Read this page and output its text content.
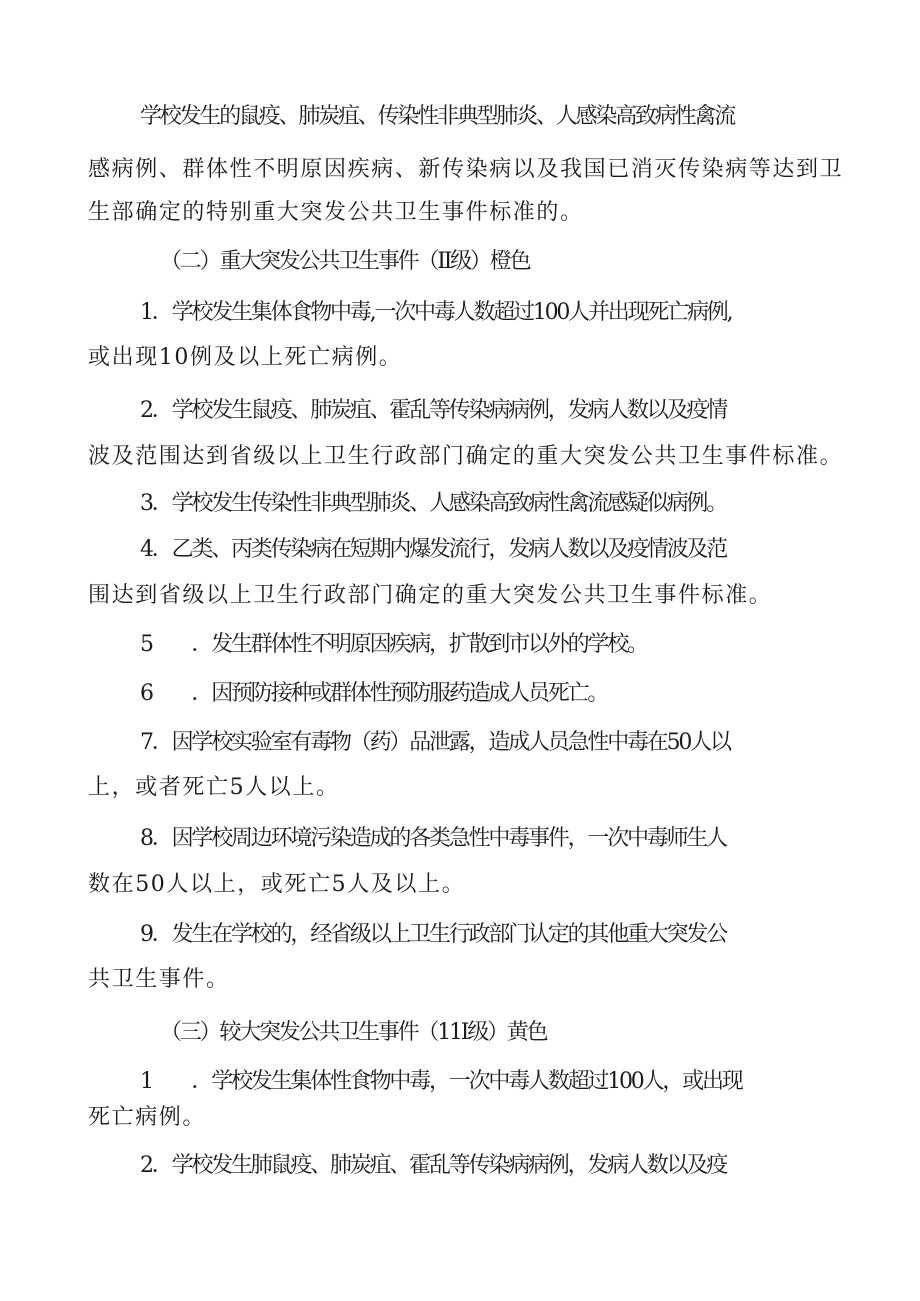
学校发生的鼠疫、肺炭疽、传染性非典型肺炎、人感染高致病性禽流
感病例、群体性不明原因疾病、新传染病以及我国已消灭传染病等达到卫
生部确定的特别重大突发公共卫生事件标准的。
（二）重大突发公共卫生事件（II级）橙色
1．学校发生集体食物中毒,一次中毒人数超过100人并出现死亡病例,
或出现10例及以上死亡病例。
2．学校发生鼠疫、肺炭疽、霍乱等传染病病例，发病人数以及疫情
波及范围达到省级以上卫生行政部门确定的重大突发公共卫生事件标准。
3．学校发生传染性非典型肺炎、人感染高致病性禽流感疑似病例。
4．乙类、丙类传染病在短期内爆发流行，发病人数以及疫情波及范
围达到省级以上卫生行政部门确定的重大突发公共卫生事件标准。
5　　．发生群体性不明原因疾病，扩散到市以外的学校。
6　　．因预防接种或群体性预防服药造成人员死亡。
7．因学校实验室有毒物（药）品泄露，造成人员急性中毒在50人以
上，或者死亡5人以上。
8．因学校周边环境污染造成的各类急性中毒事件，一次中毒师生人
数在50人以上，或死亡5人及以上。
9．发生在学校的，经省级以上卫生行政部门认定的其他重大突发公
共卫生事件。
（三）较大突发公共卫生事件（11I级）黄色
1　　．学校发生集体性食物中毒，一次中毒人数超过100人，或出现
死亡病例。
2．学校发生肺鼠疫、肺炭疽、霍乱等传染病病例，发病人数以及疫
